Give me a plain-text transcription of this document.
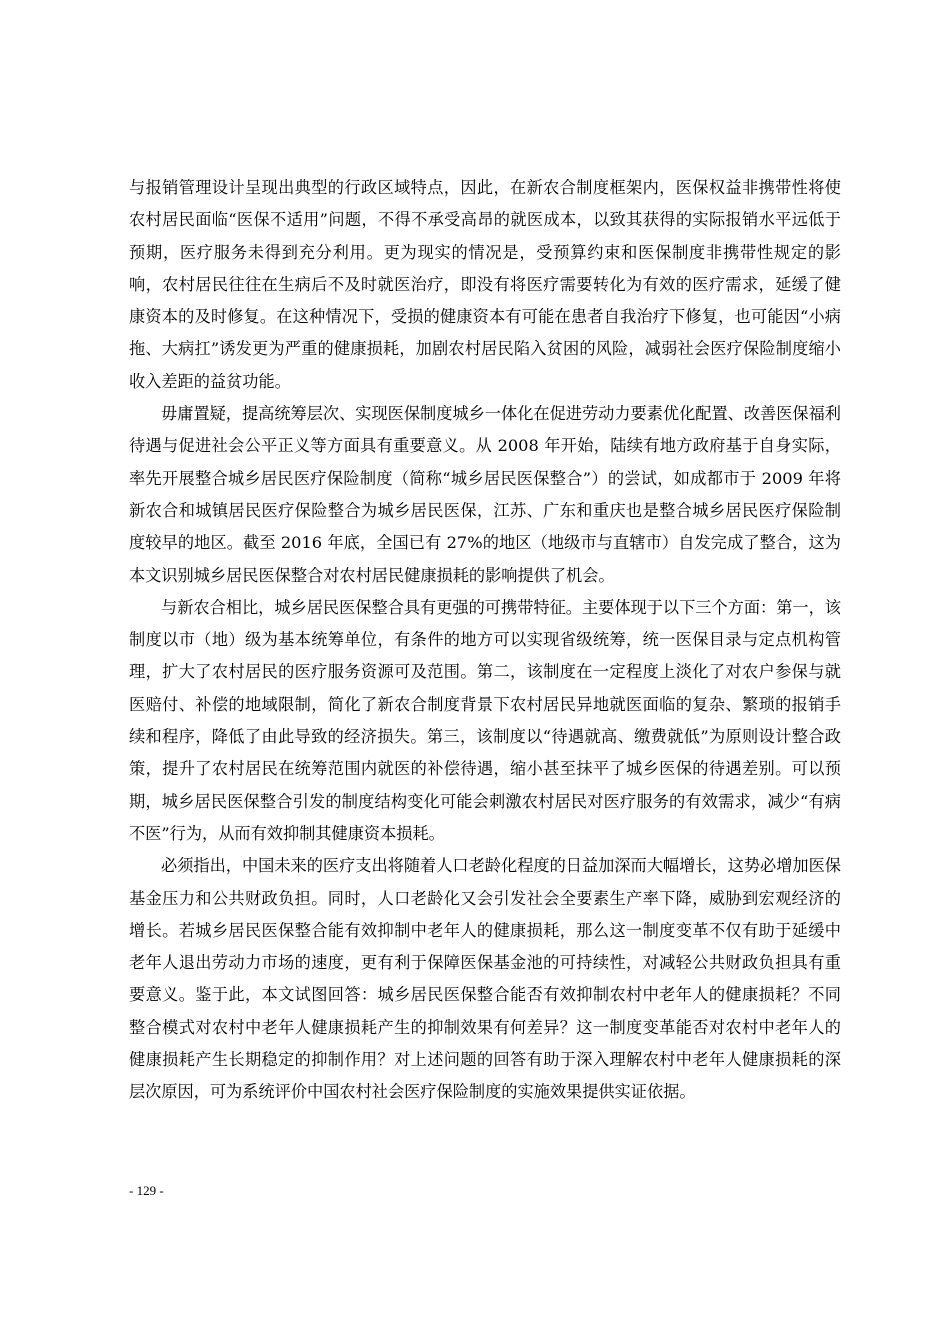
与报销管理设计呈现出典型的行政区域特点，因此，在新农合制度框架内，医保权益非携带性将使农村居民面临“医保不适用”问题，不得不承受高昂的就医成本，以致其获得的实际报销水平远低于预期，医疗服务未得到充分利用。更为现实的情况是，受预算约束和医保制度非携带性规定的影响，农村居民往往在生病后不及时就医治疗，即没有将医疗需要转化为有效的医疗需求，延缓了健康资本的及时修复。在这种情况下，受损的健康资本有可能在患者自我治疗下修复，也可能因“小病拖、大病扛”诱发更为严重的健康损耗，加剧农村居民陷入贫困的风险，减弱社会医疗保险制度缩小收入差距的益贫功能。

毋庸置疑，提高统筹层次、实现医保制度城乡一体化在促进劳动力要素优化配置、改善医保福利待遇与促进社会公平正义等方面具有重要意义。从 2008 年开始，陆续有地方政府基于自身实际，率先开展整合城乡居民医疗保险制度（简称“城乡居民医保整合”）的尝试，如成都市于 2009 年将新农合和城镇居民医疗保险整合为城乡居民医保，江苏、广东和重庆也是整合城乡居民医疗保险制度较早的地区。截至 2016 年底，全国已有 27%的地区（地级市与直辖市）自发完成了整合，这为本文识别城乡居民医保整合对农村居民健康损耗的影响提供了机会。

与新农合相比，城乡居民医保整合具有更强的可携带特征。主要体现于以下三个方面：第一，该制度以市（地）级为基本统筹单位，有条件的地方可以实现省级统筹，统一医保目录与定点机构管理，扩大了农村居民的医疗服务资源可及范围。第二，该制度在一定程度上淡化了对农户参保与就医赔付、补偿的地域限制，简化了新农合制度背景下农村居民异地就医面临的复杂、繁琐的报销手续和程序，降低了由此导致的经济损失。第三，该制度以“待遇就高、缴费就低”为原则设计整合政策，提升了农村居民在统筹范围内就医的补偿待遇，缩小甚至抹平了城乡医保的待遇差别。可以预期，城乡居民医保整合引发的制度结构变化可能会刺激农村居民对医疗服务的有效需求，减少“有病不医”行为，从而有效抑制其健康资本损耗。

必须指出，中国未来的医疗支出将随着人口老龄化程度的日益加深而大幅增长，这势必增加医保基金压力和公共财政负担。同时，人口老龄化又会引发社会全要素生产率下降，威胁到宏观经济的增长。若城乡居民医保整合能有效抑制中老年人的健康损耗，那么这一制度变革不仅有助于延缓中老年人退出劳动力市场的速度，更有利于保障医保基金池的可持续性，对减轻公共财政负担具有重要意义。鉴于此，本文试图回答：城乡居民医保整合能否有效抑制农村中老年人的健康损耗？不同整合模式对农村中老年人健康损耗产生的抑制效果有何差异？这一制度变革能否对农村中老年人的健康损耗产生长期稳定的抑制作用？对上述问题的回答有助于深入理解农村中老年人健康损耗的深层次原因，可为系统评价中国农村社会医疗保险制度的实施效果提供实证依据。

- 129 -
